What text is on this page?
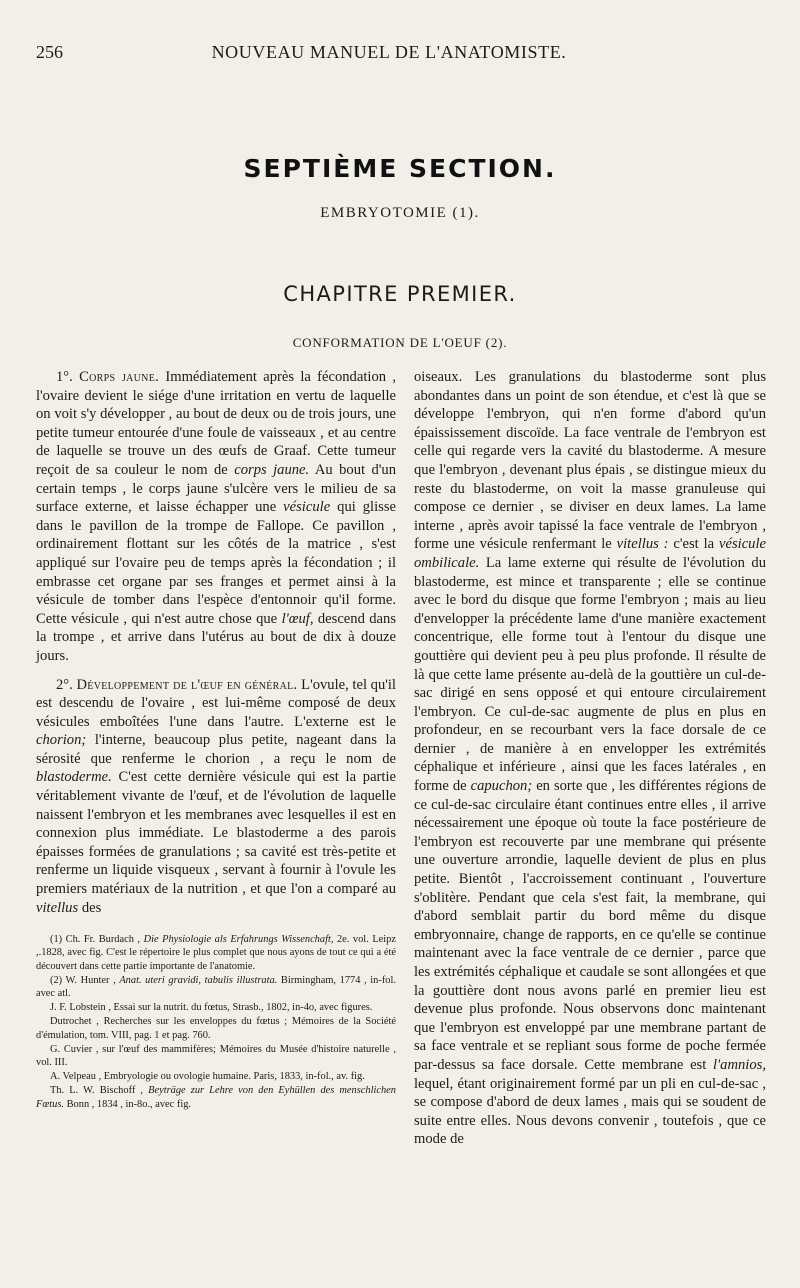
256	NOUVEAU MANUEL DE L'ANATOMISTE.
SEPTIÈME SECTION.
EMBRYOTOMIE (1).
CHAPITRE PREMIER.
CONFORMATION DE L'OEUF (2).

1°. Corps jaune. Immédiatement après la fécondation , l'ovaire devient le siége d'une irritation en vertu de laquelle on voit s'y développer , au bout de deux ou de trois jours, une petite tumeur entourée d'une foule de vaisseaux , et au centre de laquelle se trouve un des œufs de Graaf. Cette tumeur reçoit de sa couleur le nom de corps jaune. Au bout d'un certain temps , le corps jaune s'ulcère vers le milieu de sa surface externe, et laisse échapper une vésicule qui glisse dans le pavillon de la trompe de Fallope. Ce pavillon , ordinairement flottant sur les côtés de la matrice , s'est appliqué sur l'ovaire peu de temps après la fécondation ; il embrasse cet organe par ses franges et permet ainsi à la vésicule de tomber dans l'espèce d'entonnoir qu'il forme. Cette vésicule , qui n'est autre chose que l'œuf, descend dans la trompe , et arrive dans l'utérus au bout de dix à douze jours.

2°. Développement de l'œuf en général. L'ovule, tel qu'il est descendu de l'ovaire , est lui-même composé de deux vésicules emboîtées l'une dans l'autre. L'externe est le chorion; l'interne, beaucoup plus petite, nageant dans la sérosité que renferme le chorion , a reçu le nom de blastoderme. C'est cette dernière vésicule qui est la partie véritablement vivante de l'œuf, et de l'évolution de laquelle naissent l'embryon et les membranes avec lesquelles il est en connexion plus immédiate. Le blastoderme a des parois épaisses formées de granulations ; sa cavité est très-petite et renferme un liquide visqueux , servant à fournir à l'ovule les premiers matériaux de la nutrition , et que l'on a comparé au vitellus des

(1) Ch. Fr. Burdach , Die Physiologie als Erfahrungs Wissenchaft, 2e. vol. Leipz ,.1828, avec fig. C'est le répertoire le plus complet que nous ayons de tout ce qui a été découvert dans cette partie importante de l'anatomie.

(2) W. Hunter , Anat. uteri gravidi, tabulis illustrata. Birmingham, 1774 , in-fol. avec atl.

J. F. Lobstein , Essai sur la nutrit. du fœtus, Strasb., 1802, in-4o, avec figures.

Dutrochet , Recherches sur les enveloppes du fœtus ; Mémoires de la Société d'émulation, tom. VIII, pag. 1 et pag. 760.

G. Cuvier , sur l'œuf des mammifères; Mémoires du Musée d'histoire naturelle , vol. III.

A. Velpeau , Embryologie ou ovologie humaine. Paris, 1833, in-fol., av. fig.

Th. L. W. Bischoff , Beyträge zur Lehre von den Eyhüllen des menschlichen Fœtus. Bonn , 1834 , in-8o., avec fig.

oiseaux. Les granulations du blastoderme sont plus abondantes dans un point de son étendue, et c'est là que se développe l'embryon, qui n'en forme d'abord qu'un épaississement discoïde. La face ventrale de l'embryon est celle qui regarde vers la cavité du blastoderme. A mesure que l'embryon , devenant plus épais , se distingue mieux du reste du blastoderme, on voit la masse granuleuse qui compose ce dernier , se diviser en deux lames. La lame interne , après avoir tapissé la face ventrale de l'embryon , forme une vésicule renfermant le vitellus : c'est la vésicule ombilicale. La lame externe qui résulte de l'évolution du blastoderme, est mince et transparente ; elle se continue avec le bord du disque que forme l'embryon ; mais au lieu d'envelopper la précédente lame d'une manière exactement concentrique, elle forme tout à l'entour du disque une gouttière qui devient peu à peu plus profonde. Il résulte de là que cette lame présente au-delà de la gouttière un cul-de-sac dirigé en sens opposé et qui entoure circulairement l'embryon. Ce cul-de-sac augmente de plus en plus en profondeur, en se recourbant vers la face dorsale de ce dernier , de manière à en envelopper les extrémités céphalique et inférieure , ainsi que les faces latérales , en forme de capuchon; en sorte que , les différentes régions de ce cul-de-sac circulaire étant continues entre elles , il arrive nécessairement une époque où toute la face postérieure de l'embryon est recouverte par une membrane qui présente une ouverture arrondie, laquelle devient de plus en plus petite. Bientôt , l'accroissement continuant , l'ouverture s'oblitère. Pendant que cela s'est fait, la membrane, qui d'abord semblait partir du bord même du disque embryonnaire, change de rapports, en ce qu'elle se continue maintenant avec la face ventrale de ce dernier , parce que les extrémités céphalique et caudale se sont allongées et que la gouttière dont nous avons parlé en premier lieu est devenue plus profonde. Nous observons donc maintenant que l'embryon est enveloppé par une membrane partant de sa face ventrale et se repliant sous forme de poche fermée par-dessus sa face dorsale. Cette membrane est l'amnios, lequel, étant originairement formé par un pli en cul-de-sac , se compose d'abord de deux lames , mais qui se soudent de suite entre elles. Nous devons convenir , toutefois , que ce mode de
